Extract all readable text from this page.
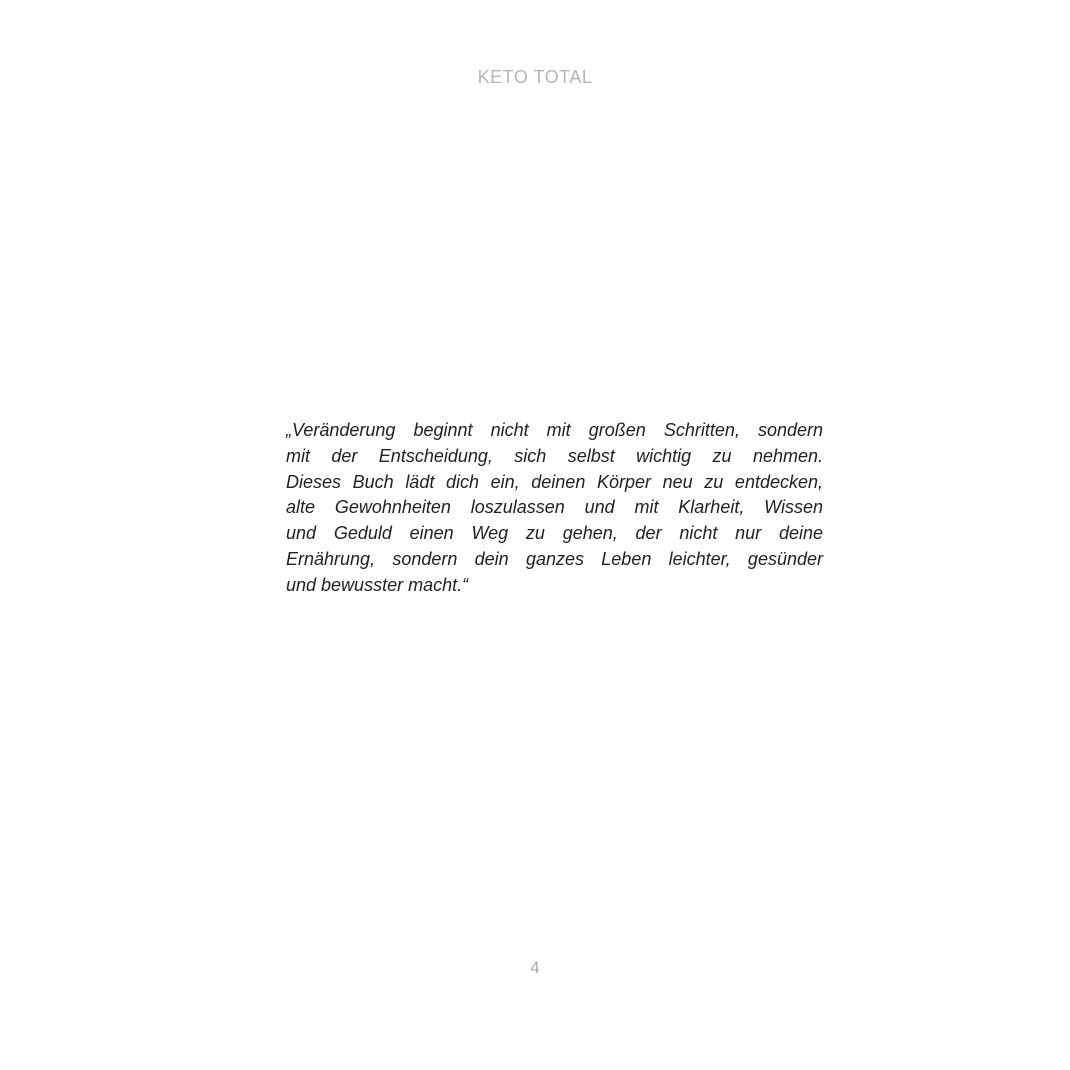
KETO TOTAL
„Veränderung beginnt nicht mit großen Schritten, sondern
mit der Entscheidung, sich selbst wichtig zu nehmen.
Dieses Buch lädt dich ein, deinen Körper neu zu entdecken,
alte Gewohnheiten loszulassen und mit Klarheit, Wissen
und Geduld einen Weg zu gehen, der nicht nur deine
Ernährung, sondern dein ganzes Leben leichter, gesünder
und bewusster macht.“
4
